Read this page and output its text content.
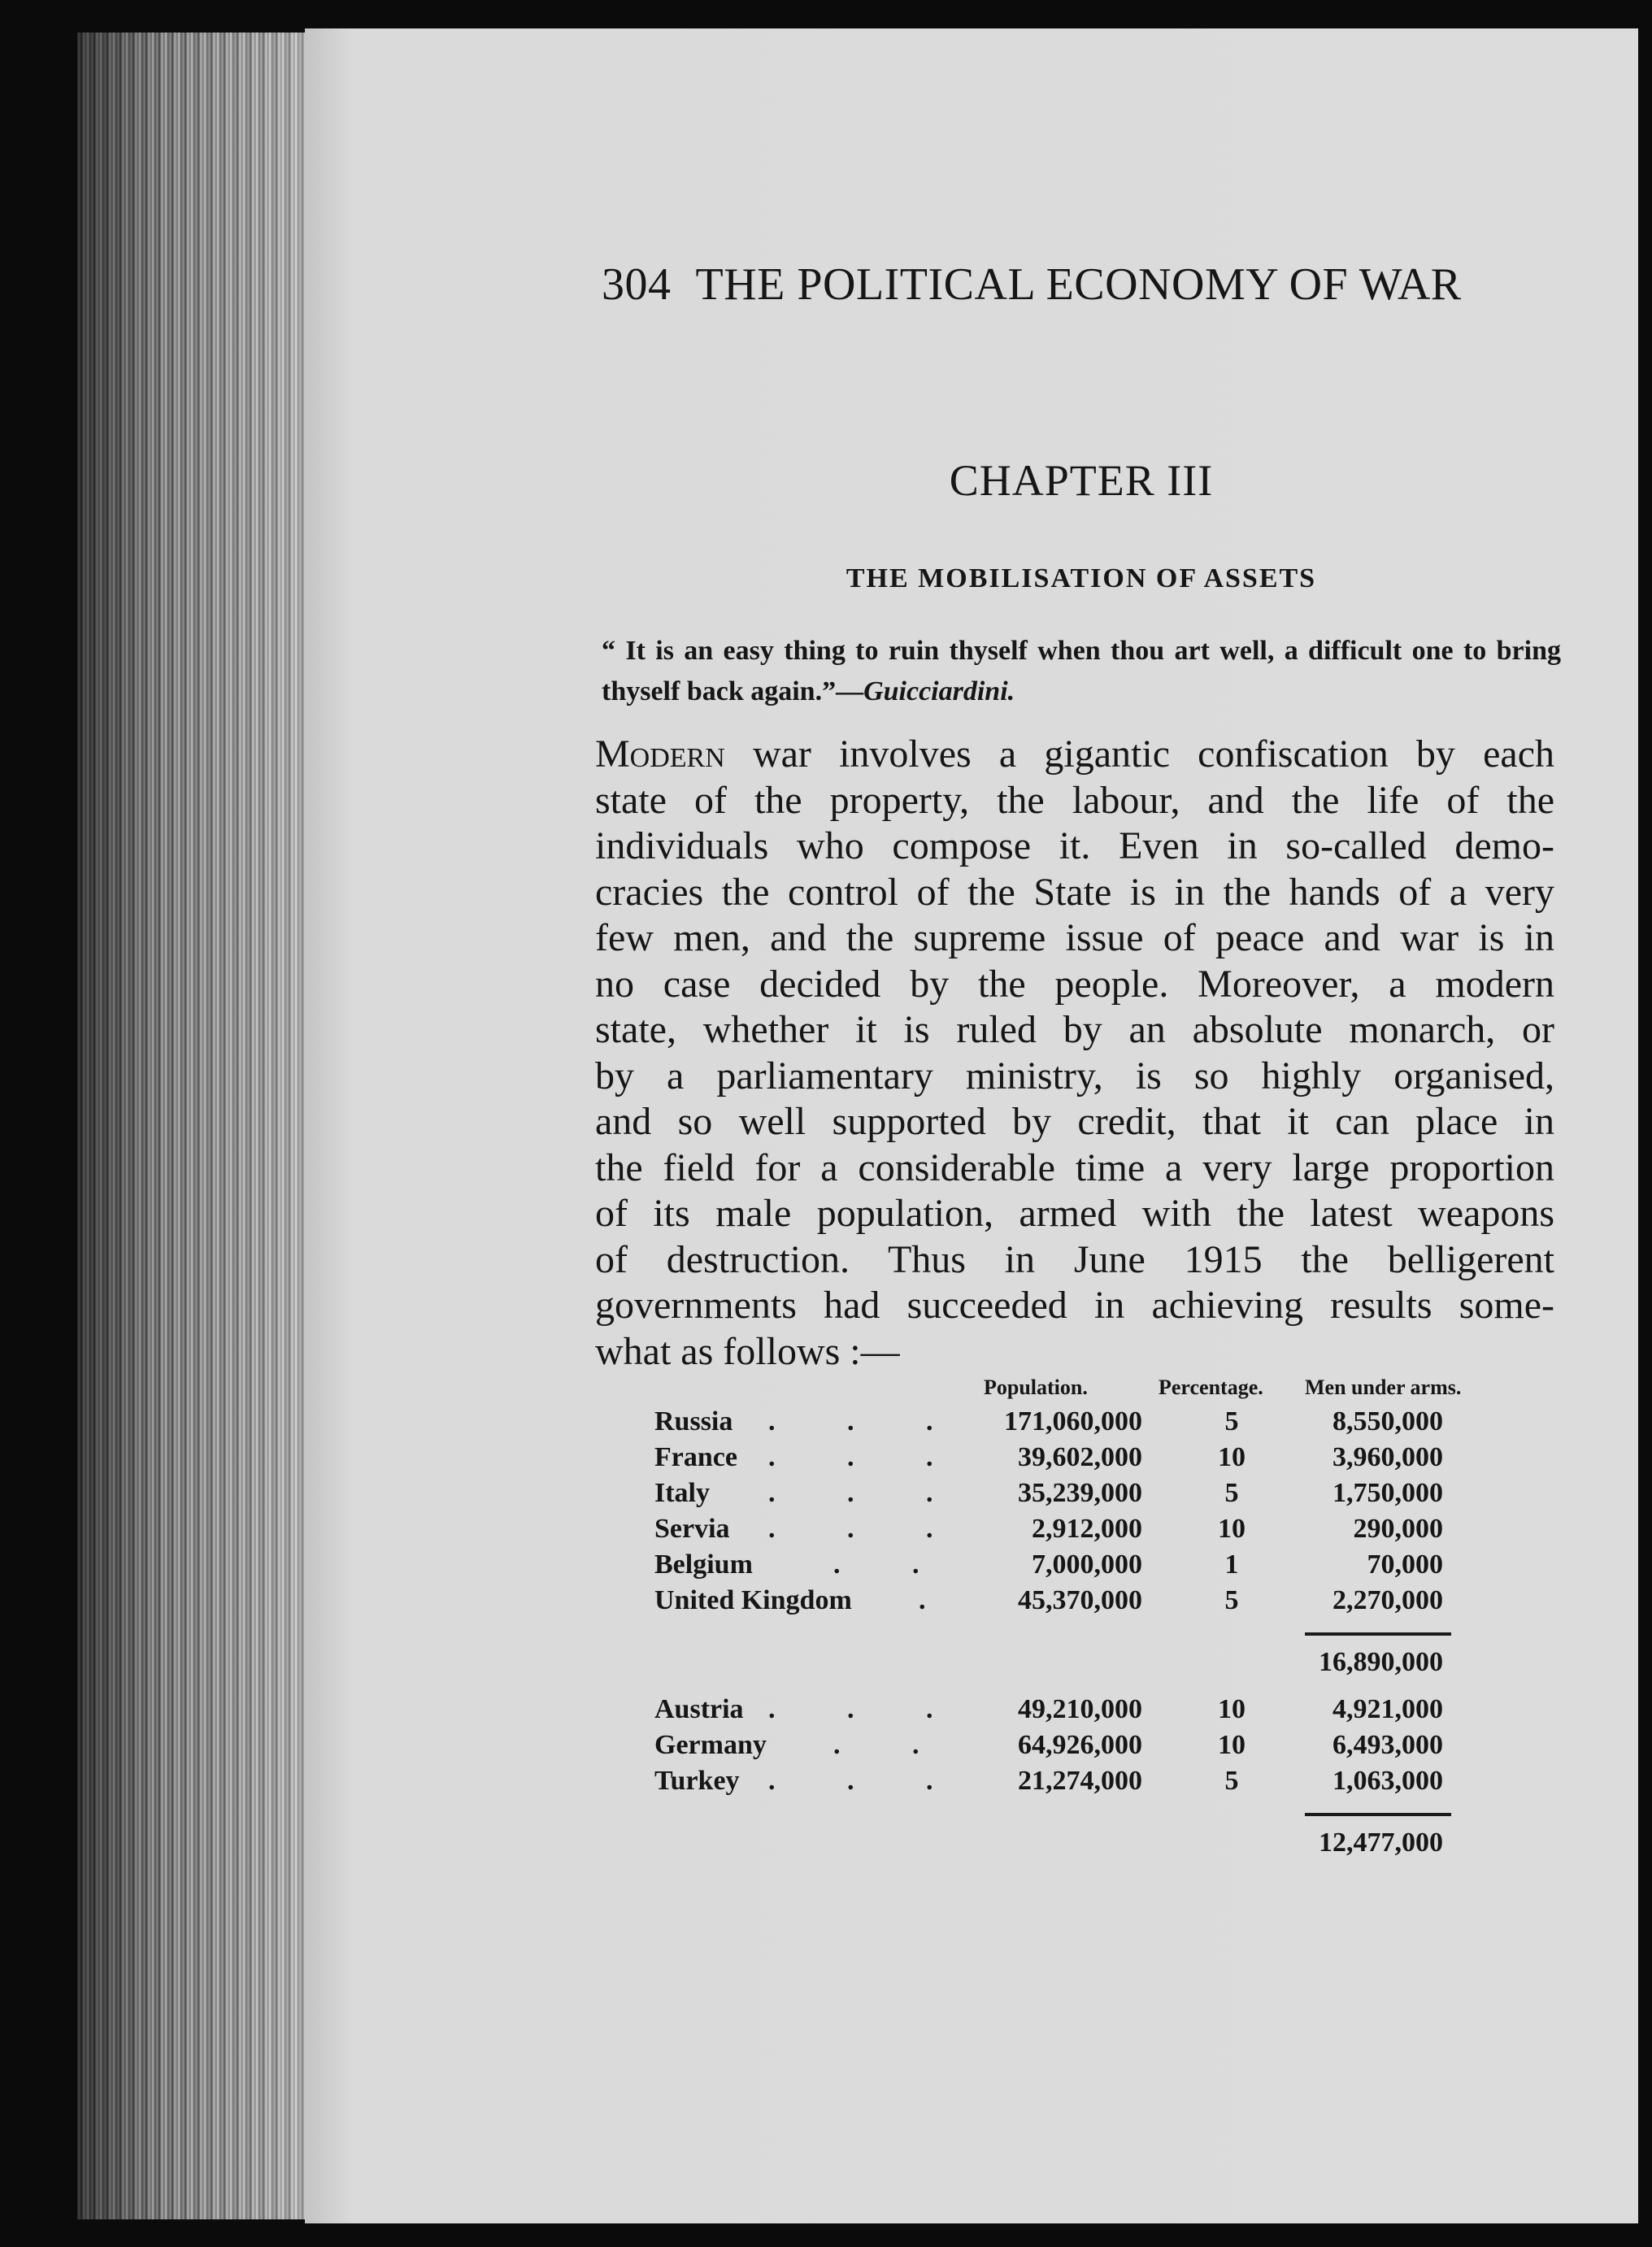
304 THE POLITICAL ECONOMY OF WAR
CHAPTER III
THE MOBILISATION OF ASSETS
“ It is an easy thing to ruin thyself when thou art well, a difficult one to bring thyself back again.”—Guicciardini.
Modern war involves a gigantic confiscation by each
state of the property, the labour, and the life of the
individuals who compose it. Even in so-called demo-
cracies the control of the State is in the hands of a very
few men, and the supreme issue of peace and war is in
no case decided by the people. Moreover, a modern
state, whether it is ruled by an absolute monarch, or
by a parliamentary ministry, is so highly organised,
and so well supported by credit, that it can place in
the field for a considerable time a very large proportion
of its male population, armed with the latest weapons
of destruction. Thus in June 1915 the belligerent
governments had succeeded in achieving results some-
what as follows :—
Population.	Percentage. Men under arms.
Russia . . . 171,060,000	5	8,550,000
France . . . 39,602,000	10	3,960,000
Italy . . . 35,239,000	5	1,750,000
Servia . . . 2,912,000	10	290,000
Belgium	. .	7,000,000	1	70,000
United Kingdom . 45,370,000	5	2,270,000
16,890,000
Austria . . . 49,210,000	10	4,921,000
Germany . . 64,926,000	10	6,493,000
Turkey . . . 21,274,000	5	1,063,000
12,477,000
